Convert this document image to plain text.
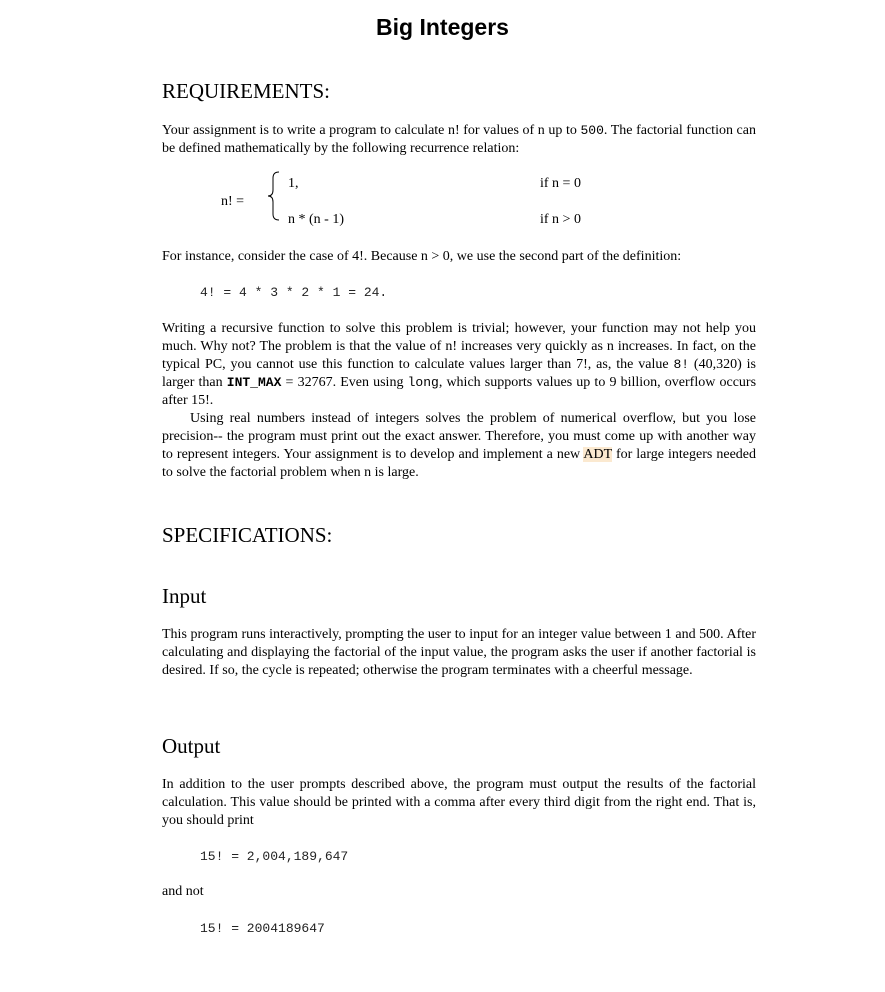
Big Integers
REQUIREMENTS:
Your assignment is to write a program to calculate n! for values of n up to 500. The factorial function can be defined mathematically by the following recurrence relation:
n! =
1,	if n = 0
n * (n - 1)	if n > 0
For instance, consider the case of 4!. Because n > 0, we use the second part of the definition:
4! = 4 * 3 * 2 * 1 = 24.
Writing a recursive function to solve this problem is trivial; however, your function may not help you much. Why not? The problem is that the value of n! increases very quickly as n increases. In fact, on the typical PC, you cannot use this function to calculate values larger than 7!, as, the value 8! (40,320) is larger than INT_MAX = 32767. Even using long, which supports values up to 9 billion, overflow occurs after 15!.
Using real numbers instead of integers solves the problem of numerical overflow, but you lose precision-- the program must print out the exact answer. Therefore, you must come up with another way to represent integers. Your assignment is to develop and implement a new ADT for large integers needed to solve the factorial problem when n is large.
SPECIFICATIONS:
Input
This program runs interactively, prompting the user to input for an integer value between 1 and 500. After calculating and displaying the factorial of the input value, the program asks the user if another factorial is desired. If so, the cycle is repeated; otherwise the program terminates with a cheerful message.
Output
In addition to the user prompts described above, the program must output the results of the factorial calculation. This value should be printed with a comma after every third digit from the right end. That is, you should print
15! = 2,004,189,647
and not
15! = 2004189647
